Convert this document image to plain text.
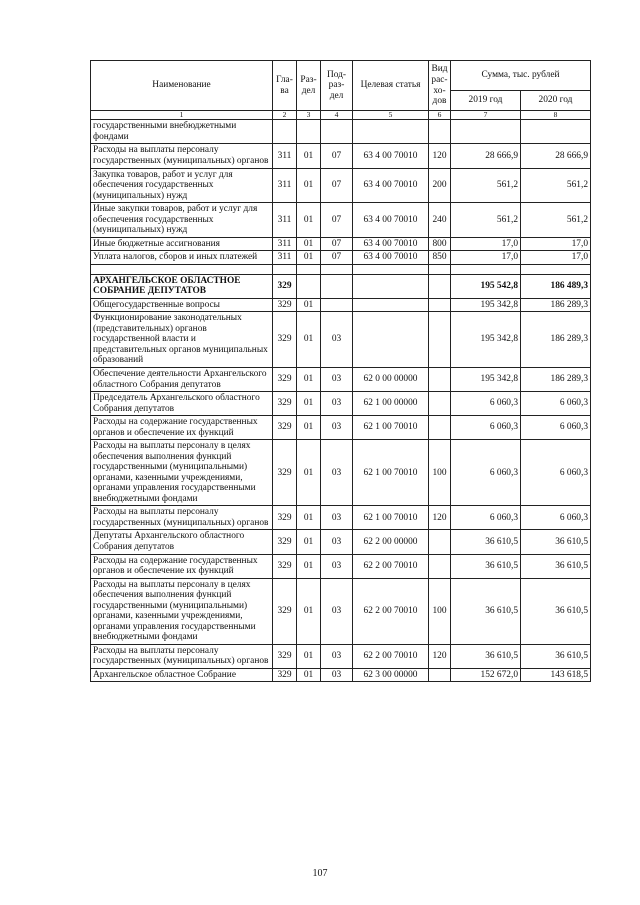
Наименование	Гла-ва	Раз-дел	Под-раз-дел	Целевая статья	Вид рас-хо-дов	Сумма, тыс. рублей	
						2019 год	2020 год
1	2	3	4	5	6	7	8
государственными внебюджетными фондами							
Расходы на выплаты персоналу государственных (муниципальных) органов	311	01	07	63 4 00 70010	120	28 666,9	28 666,9
Закупка товаров, работ и услуг для обеспечения государственных (муниципальных) нужд	311	01	07	63 4 00 70010	200	561,2	561,2
Иные закупки товаров, работ и услуг для обеспечения государственных (муниципальных) нужд	311	01	07	63 4 00 70010	240	561,2	561,2
Иные бюджетные ассигнования	311	01	07	63 4 00 70010	800	17,0	17,0
Уплата налогов, сборов и иных платежей	311	01	07	63 4 00 70010	850	17,0	17,0

АРХАНГЕЛЬСКОЕ ОБЛАСТНОЕ СОБРАНИЕ ДЕПУТАТОВ	329					195 542,8	186 489,3
Общегосударственные вопросы	329	01				195 342,8	186 289,3
Функционирование законодательных (представительных) органов государственной власти и представительных органов муниципальных образований	329	01	03			195 342,8	186 289,3
Обеспечение деятельности Архангельского областного Собрания депутатов	329	01	03	62 0 00 00000		195 342,8	186 289,3
Председатель Архангельского областного Собрания депутатов	329	01	03	62 1 00 00000		6 060,3	6 060,3
Расходы на содержание государственных органов и обеспечение их функций	329	01	03	62 1 00 70010		6 060,3	6 060,3
Расходы на выплаты персоналу в целях обеспечения выполнения функций государственными (муниципальными) органами, казенными учреждениями, органами управления государственными внебюджетными фондами	329	01	03	62 1 00 70010	100	6 060,3	6 060,3
Расходы на выплаты персоналу государственных (муниципальных) органов	329	01	03	62 1 00 70010	120	6 060,3	6 060,3
Депутаты Архангельского областного Собрания депутатов	329	01	03	62 2 00 00000		36 610,5	36 610,5
Расходы на содержание государственных органов и обеспечение их функций	329	01	03	62 2 00 70010		36 610,5	36 610,5
Расходы на выплаты персоналу в целях обеспечения выполнения функций государственными (муниципальными) органами, казенными учреждениями, органами управления государственными внебюджетными фондами	329	01	03	62 2 00 70010	100	36 610,5	36 610,5
Расходы на выплаты персоналу государственных (муниципальных) органов	329	01	03	62 2 00 70010	120	36 610,5	36 610,5
Архангельское областное Собрание	329	01	03	62 3 00 00000		152 672,0	143 618,5
107
